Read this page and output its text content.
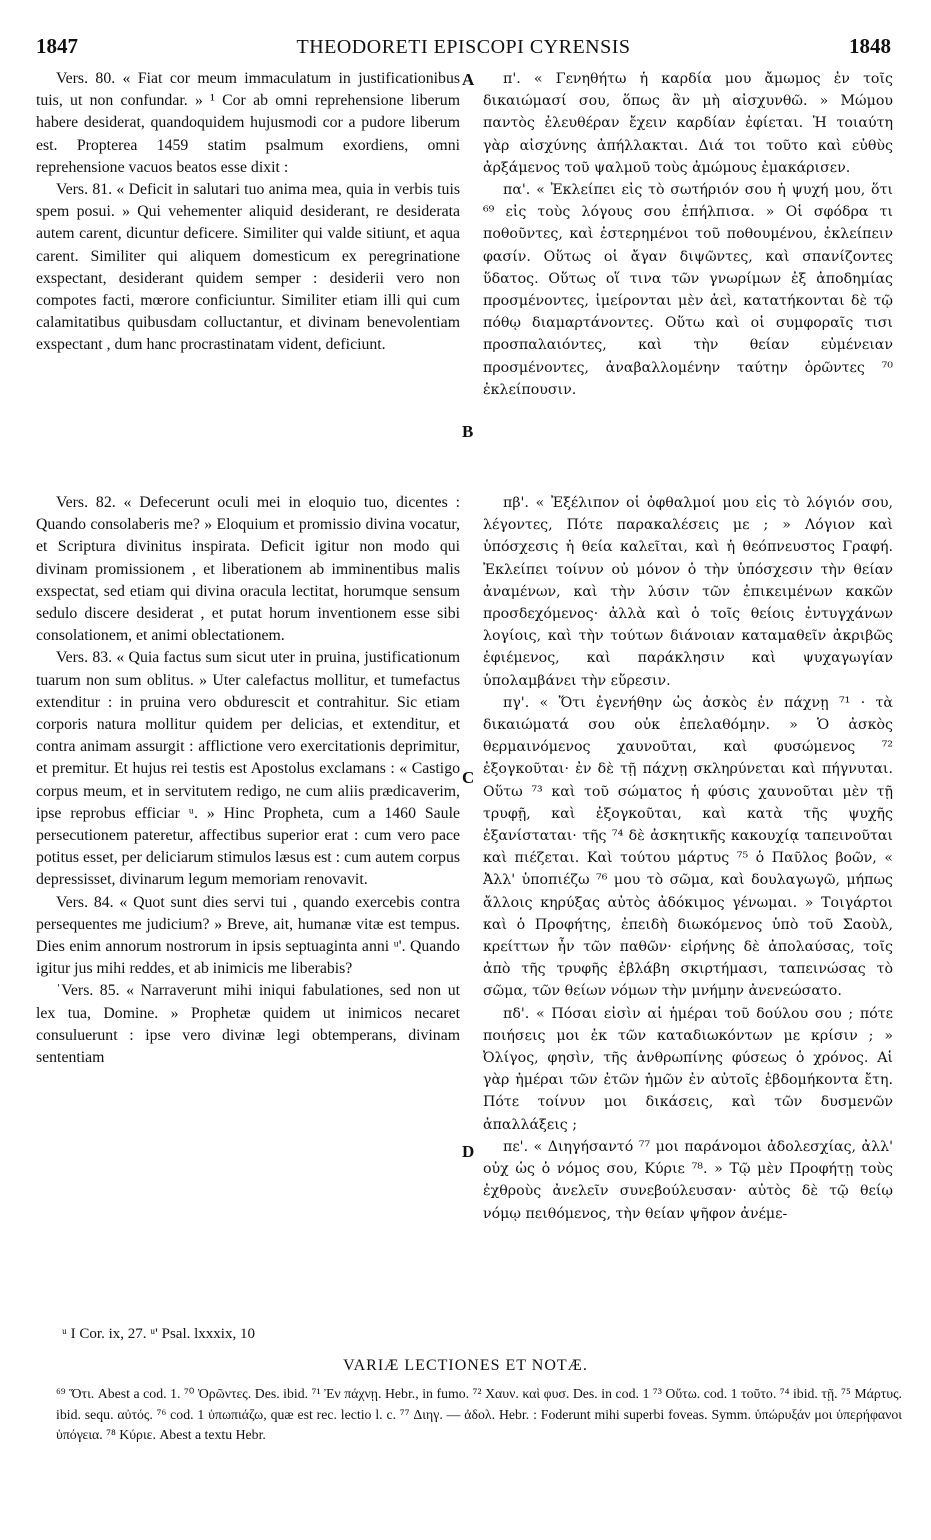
1847	THEODORETI EPISCOPI CYRENSIS	1848
A
B
C
D

Vers. 80. « Fiat cor meum immaculatum in justificationibus tuis, ut non confundar. » ¹ Cor ab omni reprehensione liberum habere desiderat, quandoquidem hujusmodi cor a pudore liberum est. Propterea 1459 statim psalmum exordiens, omni reprehensione vacuos beatos esse dixit :

Vers. 81. « Deficit in salutari tuo anima mea, quia in verbis tuis spem posui. » Qui vehementer aliquid desiderant, re desiderata autem carent, dicuntur deficere. Similiter qui valde sitiunt, et aqua carent. Similiter qui aliquem domesticum ex peregrinatione exspectant, desiderant quidem semper : desiderii vero non compotes facti, mœrore conficiuntur. Similiter etiam illi qui cum calamitatibus quibusdam colluctantur, et divinam benevolentiam exspectant , dum hanc procrastinatam vident, deficiunt.

π'. « Γενηθήτω ἡ καρδία μου ἄμωμος ἐν τοῖς δικαιώμασί σου, ὅπως ἂν μὴ αἰσχυνθῶ. » Μώμου παντὸς ἐλευθέραν ἔχειν καρδίαν ἐφίεται. Ἡ τοιαύτη γὰρ αἰσχύνης ἀπήλλακται. Διά τοι τοῦτο καὶ εὐθὺς ἀρξάμενος τοῦ ψαλμοῦ τοὺς ἀμώμους ἐμακάρισεν.

πα'. « Ἐκλείπει εἰς τὸ σωτήριόν σου ἡ ψυχή μου, ὅτι ⁶⁹ εἰς τοὺς λόγους σου ἐπήλπισα. » Οἱ σφόδρα τι ποθοῦντες, καὶ ἐστερημένοι τοῦ ποθουμένου, ἐκλείπειν φασίν. Οὕτως οἱ ἄγαν διψῶντες, καὶ σπανίζοντες ὕδατος. Οὕτως οἵ τινα τῶν γνωρίμων ἐξ ἀποδημίας προσμένοντες, ἱμείρονται μὲν ἀεὶ, κατατήκονται δὲ τῷ πόθῳ διαμαρτάνοντες. Οὕτω καὶ οἱ συμφοραῖς τισι προσπαλαιόντες, καὶ τὴν θείαν εὐμένειαν προσμένοντες, ἀναβαλλομένην ταύτην ὁρῶντες ⁷⁰ ἐκλείπουσιν.

Vers. 82. « Defecerunt oculi mei in eloquio tuo, dicentes : Quando consolaberis me? » Eloquium et promissio divina vocatur, et Scriptura divinitus inspirata. Deficit igitur non modo qui divinam promissionem , et liberationem ab imminentibus malis exspectat, sed etiam qui divina oracula lectitat, horumque sensum sedulo discere desiderat , et putat horum inventionem esse sibi consolationem, et animi oblectationem.

Vers. 83. « Quia factus sum sicut uter in pruina, justificationum tuarum non sum oblitus. » Uter calefactus mollitur, et tumefactus extenditur : in pruina vero obdurescit et contrahitur. Sic etiam corporis natura mollitur quidem per delicias, et extenditur, et contra animam assurgit : afflictione vero exercitationis deprimitur, et premitur. Et hujus rei testis est Apostolus exclamans : « Castigo corpus meum, et in servitutem redigo, ne cum aliis prædicaverim, ipse reprobus efficiar ᵘ. » Hinc Propheta, cum a 1460 Saule persecutionem pateretur, affectibus superior erat : cum vero pace potitus esset, per deliciarum stimulos læsus est : cum autem corpus depressisset, divinarum legum memoriam renovavit.

Vers. 84. « Quot sunt dies servi tui , quando exercebis contra persequentes me judicium? » Breve, ait, humanæ vitæ est tempus. Dies enim annorum nostrorum in ipsis septuaginta anni ᵘ'. Quando igitur jus mihi reddes, et ab inimicis me liberabis?

ˈVers. 85. « Narraverunt mihi iniqui fabulationes, sed non ut lex tua, Domine. » Prophetæ quidem ut inimicos necaret consuluerunt : ipse vero divinæ legi obtemperans, divinam sententiam

πβ'. « Ἐξέλιπον οἱ ὀφθαλμοί μου εἰς τὸ λόγιόν σου, λέγοντες, Πότε παρακαλέσεις με ; » Λόγιον καὶ ὑπόσχεσις ἡ θεία καλεῖται, καὶ ἡ θεόπνευστος Γραφή. Ἐκλείπει τοίνυν οὐ μόνον ὁ τὴν ὑπόσχεσιν τὴν θείαν ἀναμένων, καὶ τὴν λύσιν τῶν ἐπικειμένων κακῶν προσδεχόμενος· ἀλλὰ καὶ ὁ τοῖς θείοις ἐντυγχάνων λογίοις, καὶ τὴν τούτων διάνοιαν καταμαθεῖν ἀκριβῶς ἐφιέμενος, καὶ παράκλησιν καὶ ψυχαγωγίαν ὑπολαμβάνει τὴν εὕρεσιν.

πγ'. « Ὅτι ἐγενήθην ὡς ἀσκὸς ἐν πάχνῃ ⁷¹ · τὰ δικαιώματά σου οὐκ ἐπελαθόμην. » Ὁ ἀσκὸς θερμαινόμενος χαυνοῦται, καὶ φυσώμενος ⁷² ἐξογκοῦται· ἐν δὲ τῇ πάχνῃ σκληρύνεται καὶ πήγνυται. Οὕτω ⁷³ καὶ τοῦ σώματος ἡ φύσις χαυνοῦται μὲν τῇ τρυφῇ, καὶ ἐξογκοῦται, καὶ κατὰ τῆς ψυχῆς ἐξανίσταται· τῆς ⁷⁴ δὲ ἀσκητικῆς κακουχίᾳ ταπεινοῦται καὶ πιέζεται. Καὶ τούτου μάρτυς ⁷⁵ ὁ Παῦλος βοῶν, « Ἀλλ' ὑποπιέζω ⁷⁶ μου τὸ σῶμα, καὶ δουλαγωγῶ, μήπως ἄλλοις κηρύξας αὐτὸς ἀδόκιμος γένωμαι. » Τοιγάρτοι καὶ ὁ Προφήτης, ἐπειδὴ διωκόμενος ὑπὸ τοῦ Σαοὺλ, κρείττων ἦν τῶν παθῶν· εἰρήνης δὲ ἀπολαύσας, τοῖς ἀπὸ τῆς τρυφῆς ἐβλάβη σκιρτήμασι, ταπεινώσας τὸ σῶμα, τῶν θείων νόμων τὴν μνήμην ἀνενεώσατο.

πδ'. « Πόσαι εἰσὶν αἱ ἡμέραι τοῦ δούλου σου ; πότε ποιήσεις μοι ἐκ τῶν καταδιωκόντων με κρίσιν ; » Ὀλίγος, φησὶν, τῆς ἀνθρωπίνης φύσεως ὁ χρόνος. Αἱ γὰρ ἡμέραι τῶν ἐτῶν ἡμῶν ἐν αὐτοῖς ἑβδομήκοντα ἔτη. Πότε τοίνυν μοι δικάσεις, καὶ τῶν δυσμενῶν ἀπαλλάξεις ;

πε'. « Διηγήσαντό ⁷⁷ μοι παράνομοι ἀδολεσχίας, ἀλλ' οὐχ ὡς ὁ νόμος σου, Κύριε ⁷⁸. » Τῷ μὲν Προφήτῃ τοὺς ἐχθροὺς ἀνελεῖν συνεβούλευσαν· αὐτὸς δὲ τῷ θείῳ νόμῳ πειθόμενος, τὴν θείαν ψῆφον ἀνέμε-

ᵘ I Cor. ix, 27. ᵘ' Psal. lxxxix, 10
VARIÆ LECTIONES ET NOTÆ.
⁶⁹ Ὅτι. Abest a cod. 1. ⁷⁰ Ὀρῶντες. Des. ibid. ⁷¹ Ἐν πάχνῃ. Hebr., in fumo. ⁷² Χαυν. καὶ φυσ. Des. in cod. 1 ⁷³ Οὕτω. cod. 1 τοῦτο. ⁷⁴ ibid. τῇ. ⁷⁵ Μάρτυς. ibid. sequ. αὐτός. ⁷⁶ cod. 1 ὑπωπιάζω, quæ est rec. lectio l. c. ⁷⁷ Διηγ. — ἀδολ. Hebr. : Foderunt mihi superbi foveas. Symm. ὑπώρυξάν μοι ὑπερήφανοι ὑπόγεια. ⁷⁸ Κύριε. Abest a textu Hebr.
